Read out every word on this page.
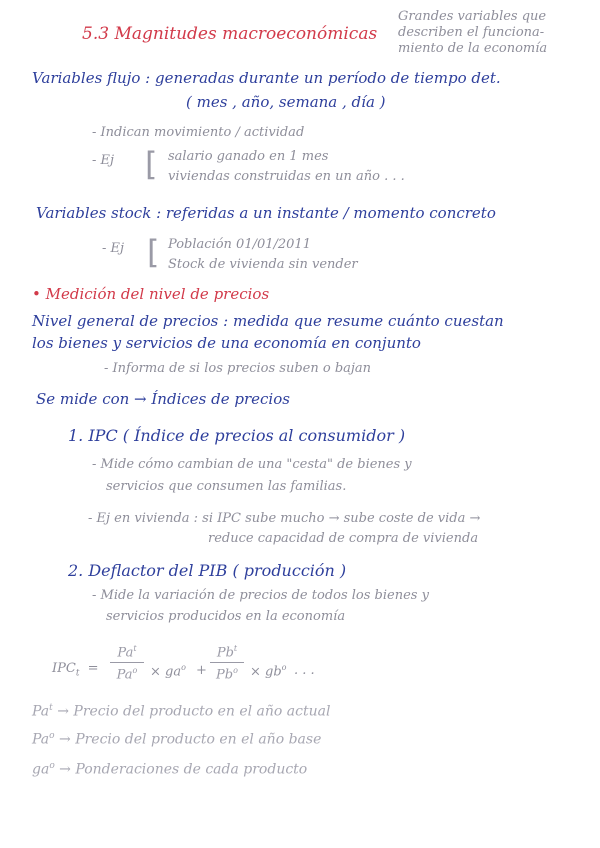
5.3 Magnitudes macroeconómicas
Grandes variables que
describen el funciona-
miento de la economía
Variables flujo : generadas durante un período de tiempo det.
( mes , año, semana , día )
- Indican movimiento / actividad
- Ej [ salario ganado en 1 mes
viviendas construidas en un año . . .
Variables stock : referidas a un instante / momento concreto
- Ej [ Población 01/01/2011
Stock de vivienda sin vender
• Medición del nivel de precios
Nivel general de precios : medida que resume cuánto cuestan
los bienes y servicios de una economía en conjunto
- Informa de si los precios suben o bajan
Se mide con → Índices de precios
1. IPC ( Índice de precios al consumidor )
- Mide cómo cambian de una "cesta" de bienes y
servicios que consumen las familias.
- Ej en vivienda : si IPC sube mucho → sube coste de vida →
reduce capacidad de compra de vivienda
2. Deflactor del PIB ( producción )
- Mide la variación de precios de todos los bienes y
servicios producidos en la economía
$IPC_t$ =
$Pa^t$
$Pa^o \times ga^o$ +
$Pb^t$
$Pb^o \times gb^o$ . . .
$Pa^t$ → Precio del producto en el año actual
$Pa^o$ → Precio del producto en el año base
$ga^o$ → Ponderaciones de cada producto
